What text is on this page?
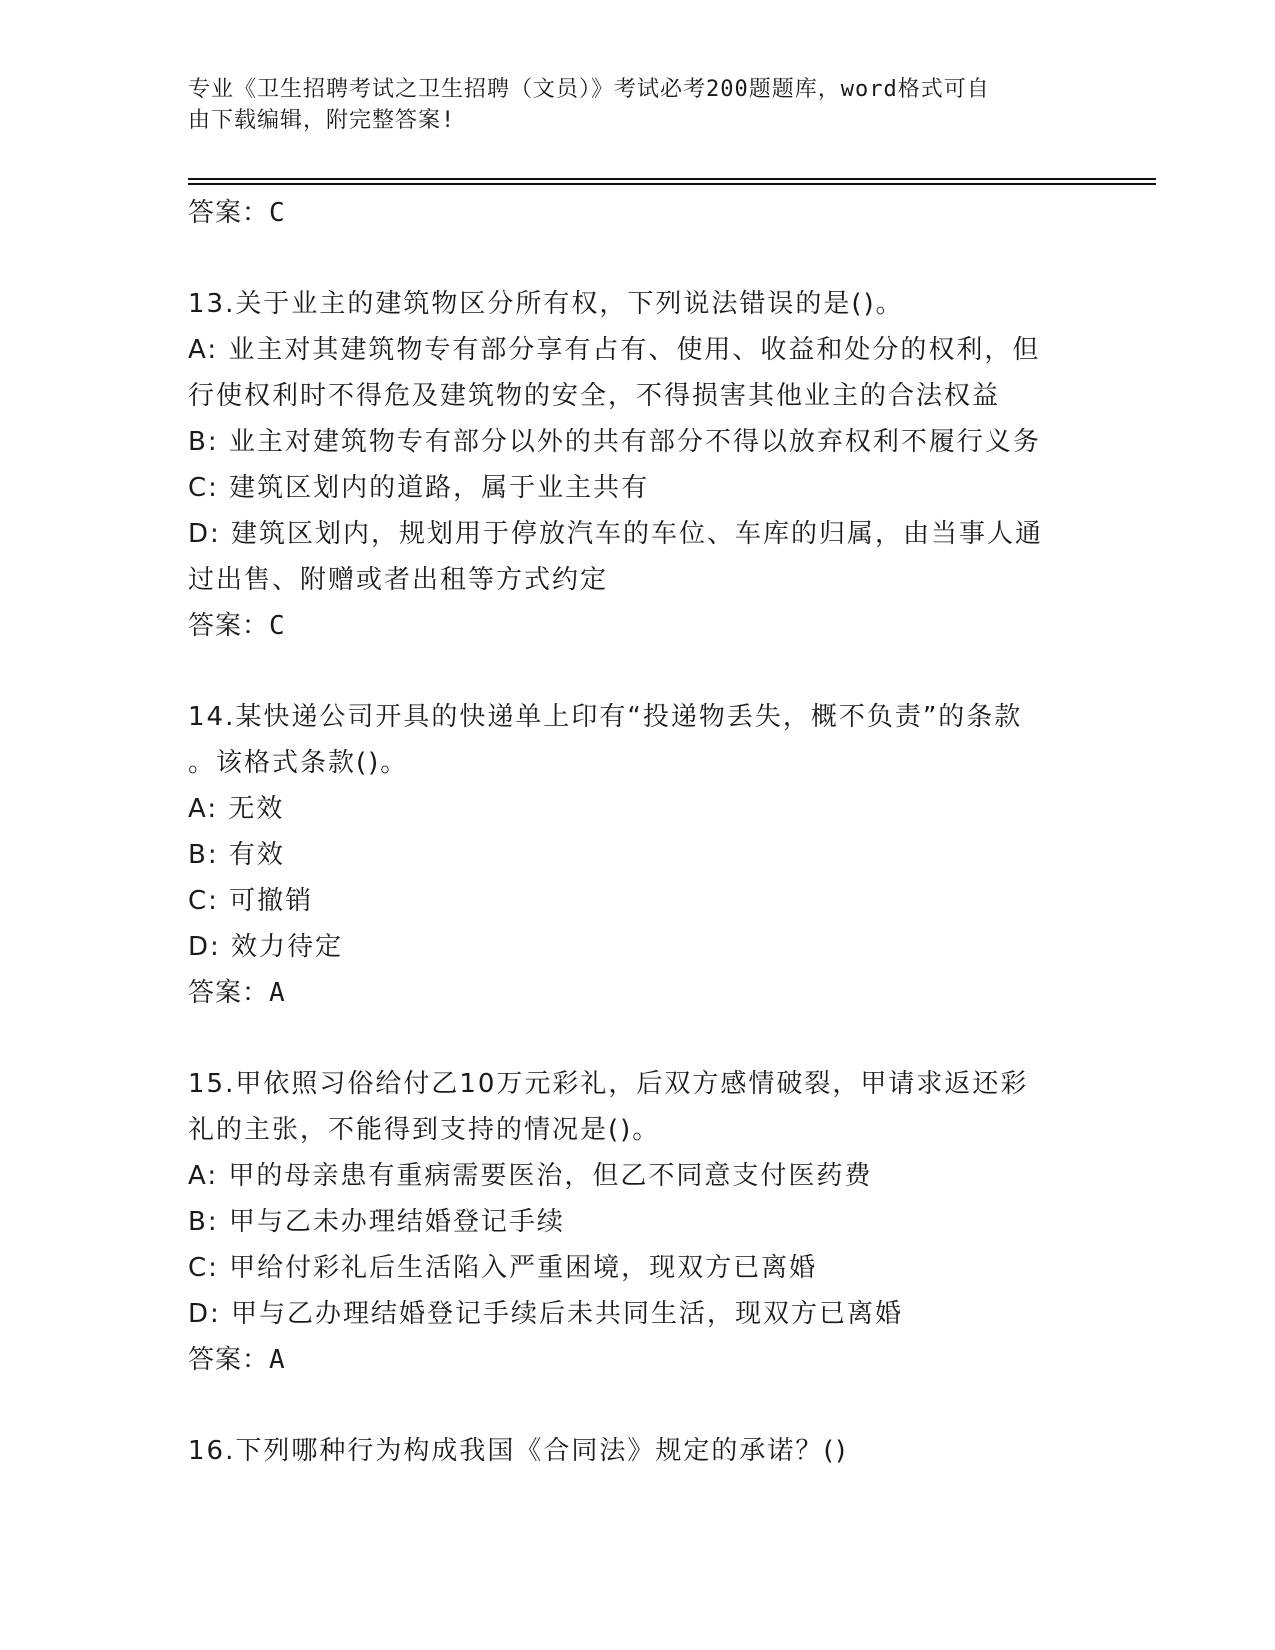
专业《卫生招聘考试之卫生招聘（文员）》考试必考200题题库，word格式可自
由下载编辑，附完整答案!

答案：C

13.关于业主的建筑物区分所有权，下列说法错误的是()。

A: 业主对其建筑物专有部分享有占有、使用、收益和处分的权利，但

行使权利时不得危及建筑物的安全，不得损害其他业主的合法权益

B: 业主对建筑物专有部分以外的共有部分不得以放弃权利不履行义务

C: 建筑区划内的道路，属于业主共有

D: 建筑区划内，规划用于停放汽车的车位、车库的归属，由当事人通

过出售、附赠或者出租等方式约定

答案：C

14.某快递公司开具的快递单上印有“投递物丢失，概不负责”的条款

。该格式条款()。

A: 无效

B: 有效

C: 可撤销

D: 效力待定

答案：A

15.甲依照习俗给付乙10万元彩礼，后双方感情破裂，甲请求返还彩

礼的主张，不能得到支持的情况是()。

A: 甲的母亲患有重病需要医治，但乙不同意支付医药费

B: 甲与乙未办理结婚登记手续

C: 甲给付彩礼后生活陷入严重困境，现双方已离婚

D: 甲与乙办理结婚登记手续后未共同生活，现双方已离婚

答案：A

16.下列哪种行为构成我国《合同法》规定的承诺？()
